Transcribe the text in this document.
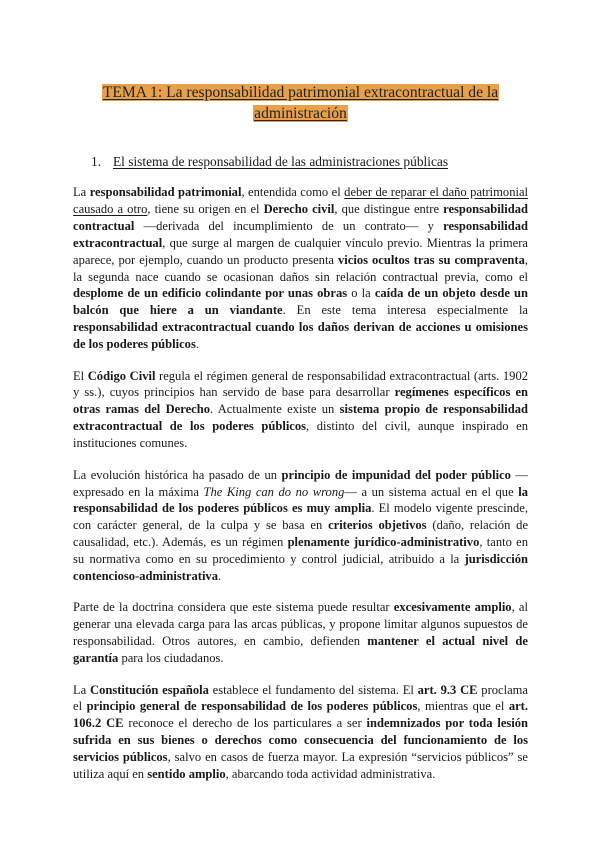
TEMA 1: La responsabilidad patrimonial extracontractual de la administración
1. El sistema de responsabilidad de las administraciones públicas

La responsabilidad patrimonial, entendida como el deber de reparar el daño patrimonial causado a otro, tiene su origen en el Derecho civil, que distingue entre responsabilidad contractual —derivada del incumplimiento de un contrato— y responsabilidad extracontractual, que surge al margen de cualquier vínculo previo. Mientras la primera aparece, por ejemplo, cuando un producto presenta vicios ocultos tras su compraventa, la segunda nace cuando se ocasionan daños sin relación contractual previa, como el desplome de un edificio colindante por unas obras o la caída de un objeto desde un balcón que hiere a un viandante. En este tema interesa especialmente la responsabilidad extracontractual cuando los daños derivan de acciones u omisiones de los poderes públicos.

El Código Civil regula el régimen general de responsabilidad extracontractual (arts. 1902 y ss.), cuyos principios han servido de base para desarrollar regímenes específicos en otras ramas del Derecho. Actualmente existe un sistema propio de responsabilidad extracontractual de los poderes públicos, distinto del civil, aunque inspirado en instituciones comunes.

La evolución histórica ha pasado de un principio de impunidad del poder público —expresado en la máxima The King can do no wrong— a un sistema actual en el que la responsabilidad de los poderes públicos es muy amplia. El modelo vigente prescinde, con carácter general, de la culpa y se basa en criterios objetivos (daño, relación de causalidad, etc.). Además, es un régimen plenamente jurídico-administrativo, tanto en su normativa como en su procedimiento y control judicial, atribuido a la jurisdicción contencioso-administrativa.

Parte de la doctrina considera que este sistema puede resultar excesivamente amplio, al generar una elevada carga para las arcas públicas, y propone limitar algunos supuestos de responsabilidad. Otros autores, en cambio, defienden mantener el actual nivel de garantía para los ciudadanos.

La Constitución española establece el fundamento del sistema. El art. 9.3 CE proclama el principio general de responsabilidad de los poderes públicos, mientras que el art. 106.2 CE reconoce el derecho de los particulares a ser indemnizados por toda lesión sufrida en sus bienes o derechos como consecuencia del funcionamiento de los servicios públicos, salvo en casos de fuerza mayor. La expresión “servicios públicos” se utiliza aquí en sentido amplio, abarcando toda actividad administrativa.
